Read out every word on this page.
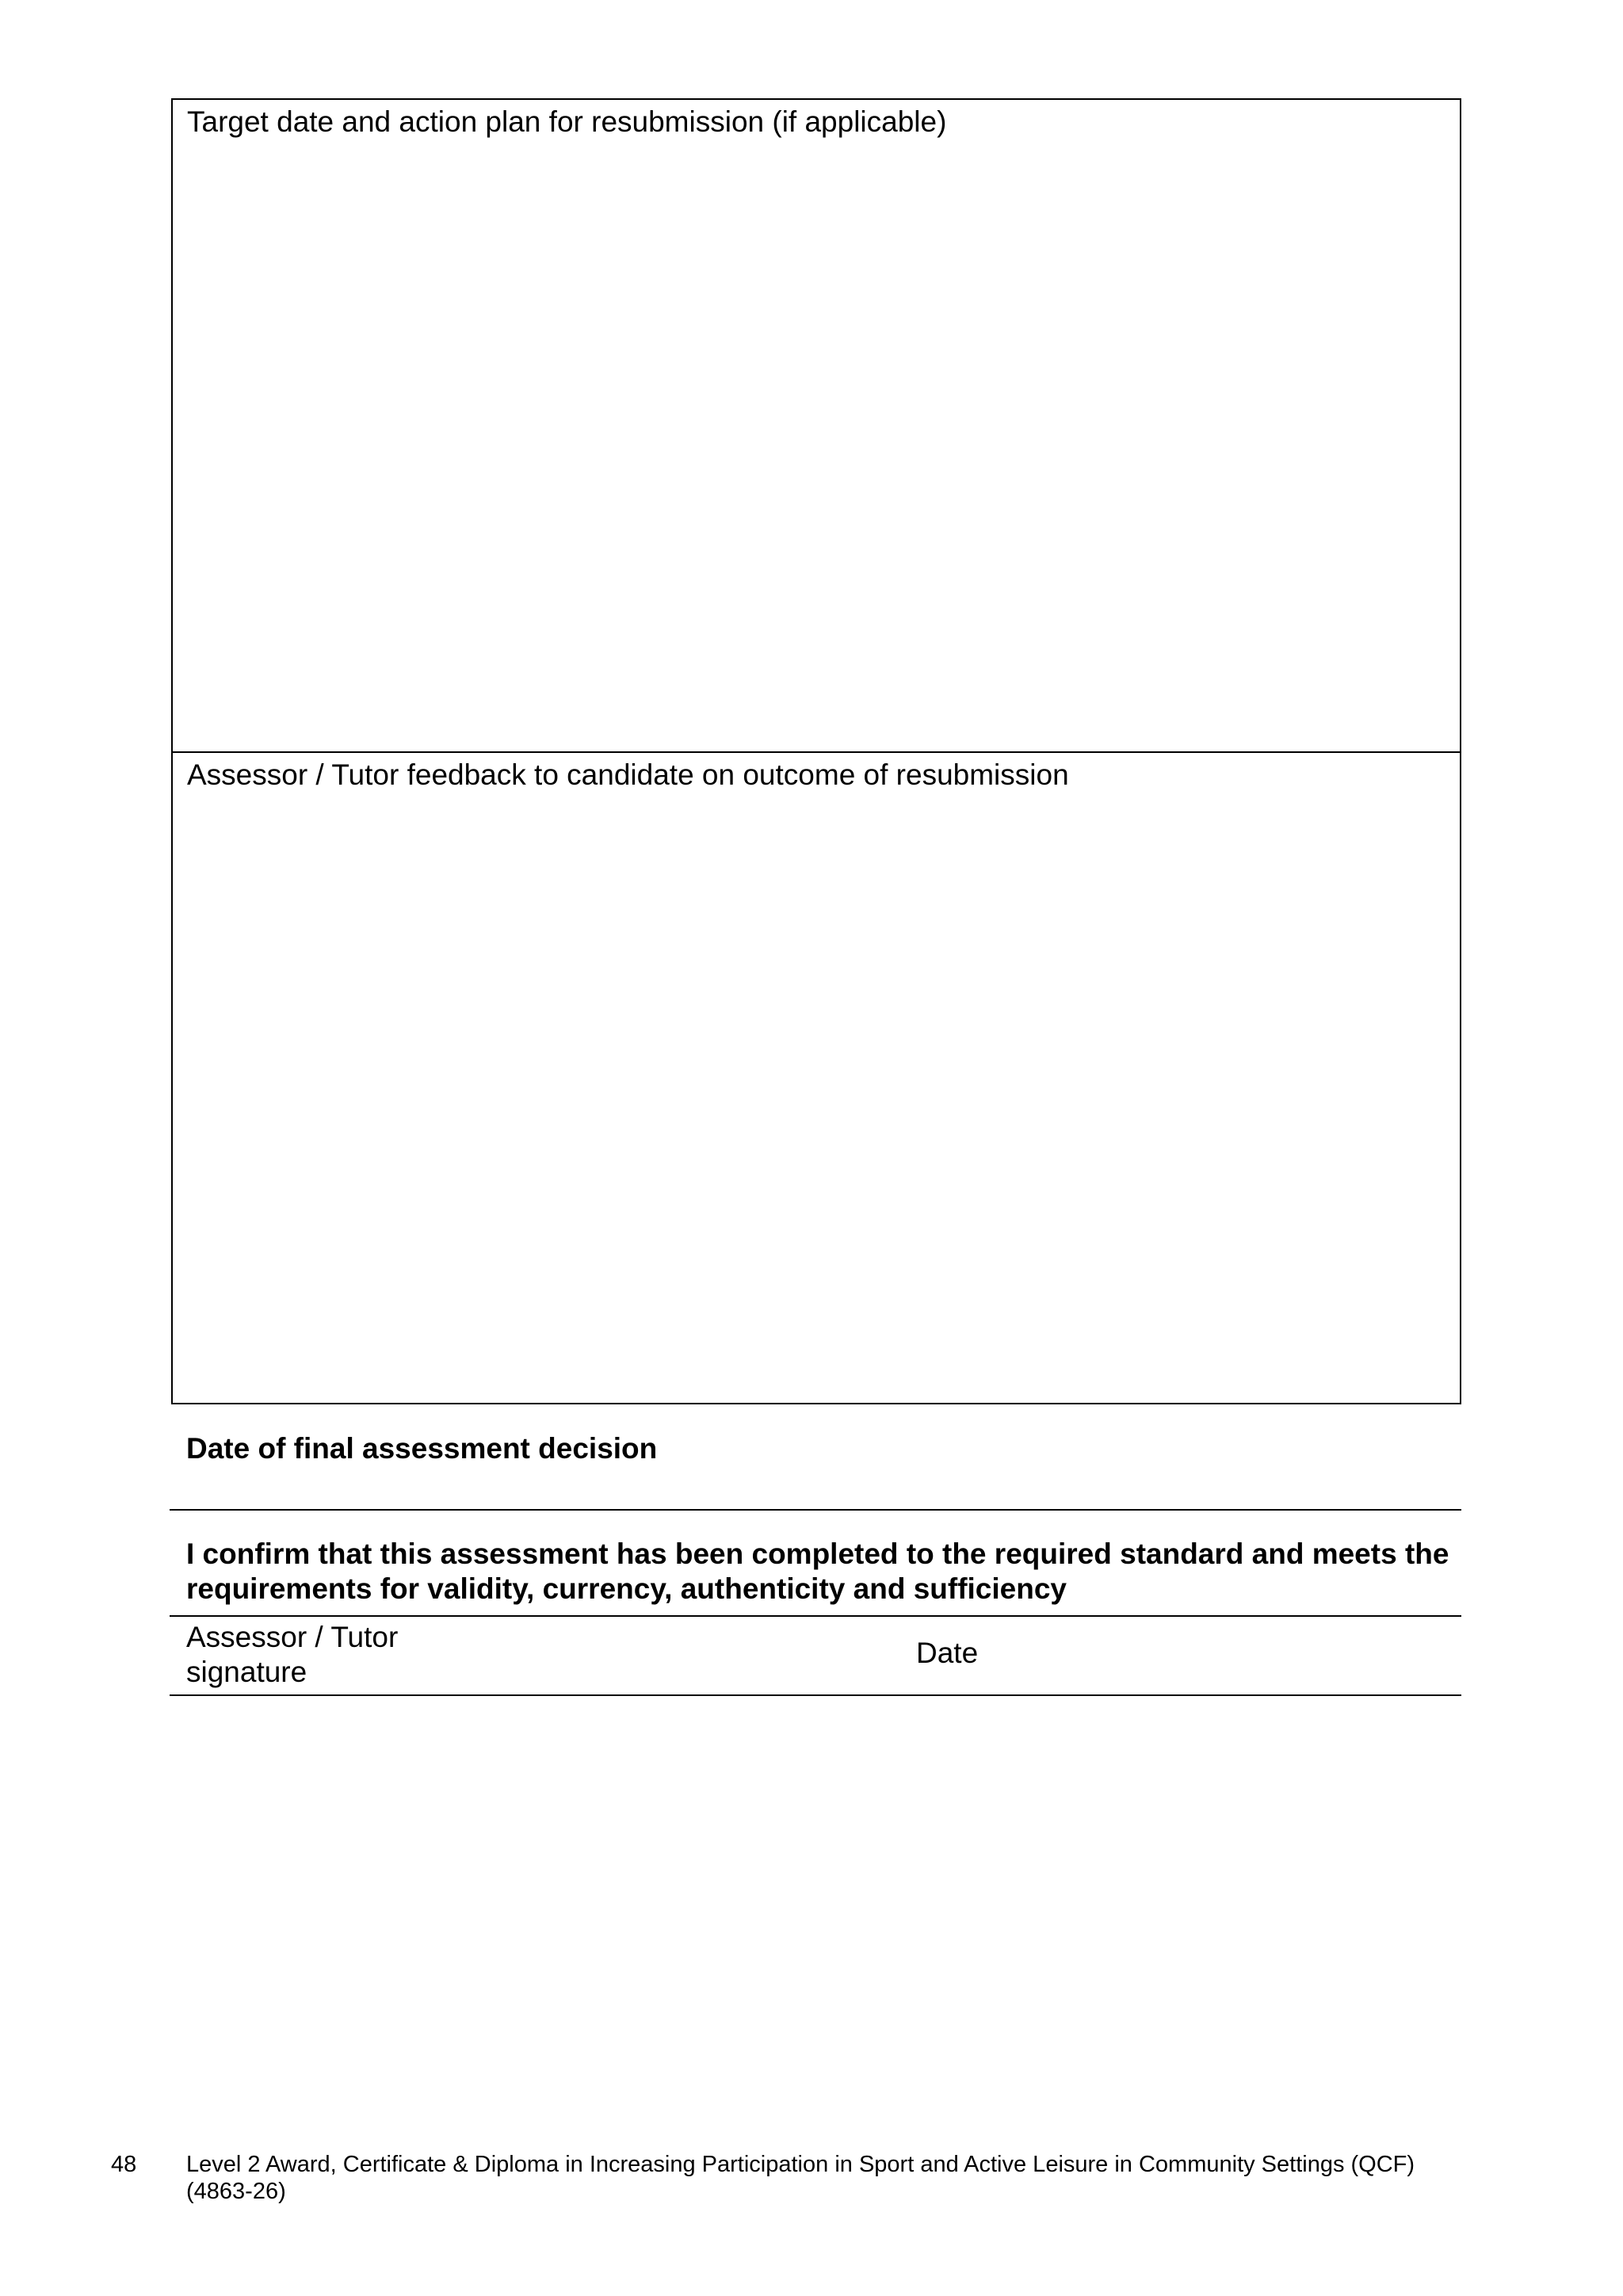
Target date and action plan for resubmission (if applicable)
Assessor / Tutor feedback to candidate on outcome of resubmission
Date of final assessment decision
I confirm that this assessment has been completed to the required standard and meets the requirements for validity, currency, authenticity and sufficiency
Assessor / Tutor signature
Date
48 Level 2 Award, Certificate & Diploma in Increasing Participation in Sport and Active Leisure in Community Settings (QCF) (4863-26)
